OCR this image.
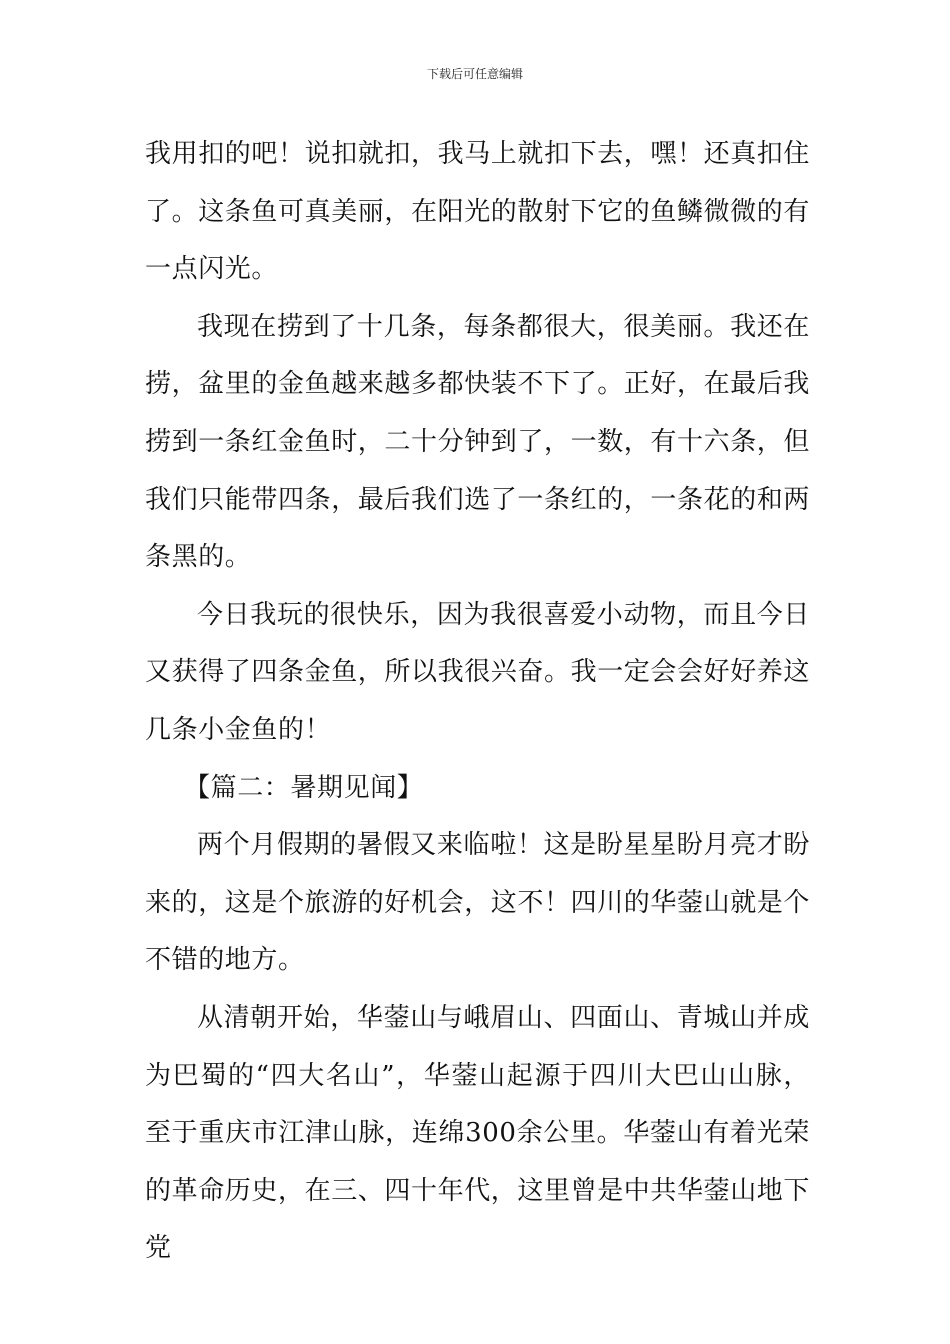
下载后可任意编辑

我用扣的吧！说扣就扣，我马上就扣下去，嘿！还真扣住了。这条鱼可真美丽，在阳光的散射下它的鱼鳞微微的有一点闪光。

我现在捞到了十几条，每条都很大，很美丽。我还在捞，盆里的金鱼越来越多都快装不下了。正好，在最后我捞到一条红金鱼时，二十分钟到了，一数，有十六条，但我们只能带四条，最后我们选了一条红的，一条花的和两条黑的。

今日我玩的很快乐，因为我很喜爱小动物，而且今日又获得了四条金鱼，所以我很兴奋。我一定会会好好养这几条小金鱼的！

【篇二：暑期见闻】

两个月假期的暑假又来临啦！这是盼星星盼月亮才盼来的，这是个旅游的好机会，这不！四川的华蓥山就是个不错的地方。

从清朝开始，华蓥山与峨眉山、四面山、青城山并成为巴蜀的“四大名山”，华蓥山起源于四川大巴山山脉，至于重庆市江津山脉，连绵300余公里。华蓥山有着光荣的革命历史，在三、四十年代，这里曾是中共华蓥山地下党
